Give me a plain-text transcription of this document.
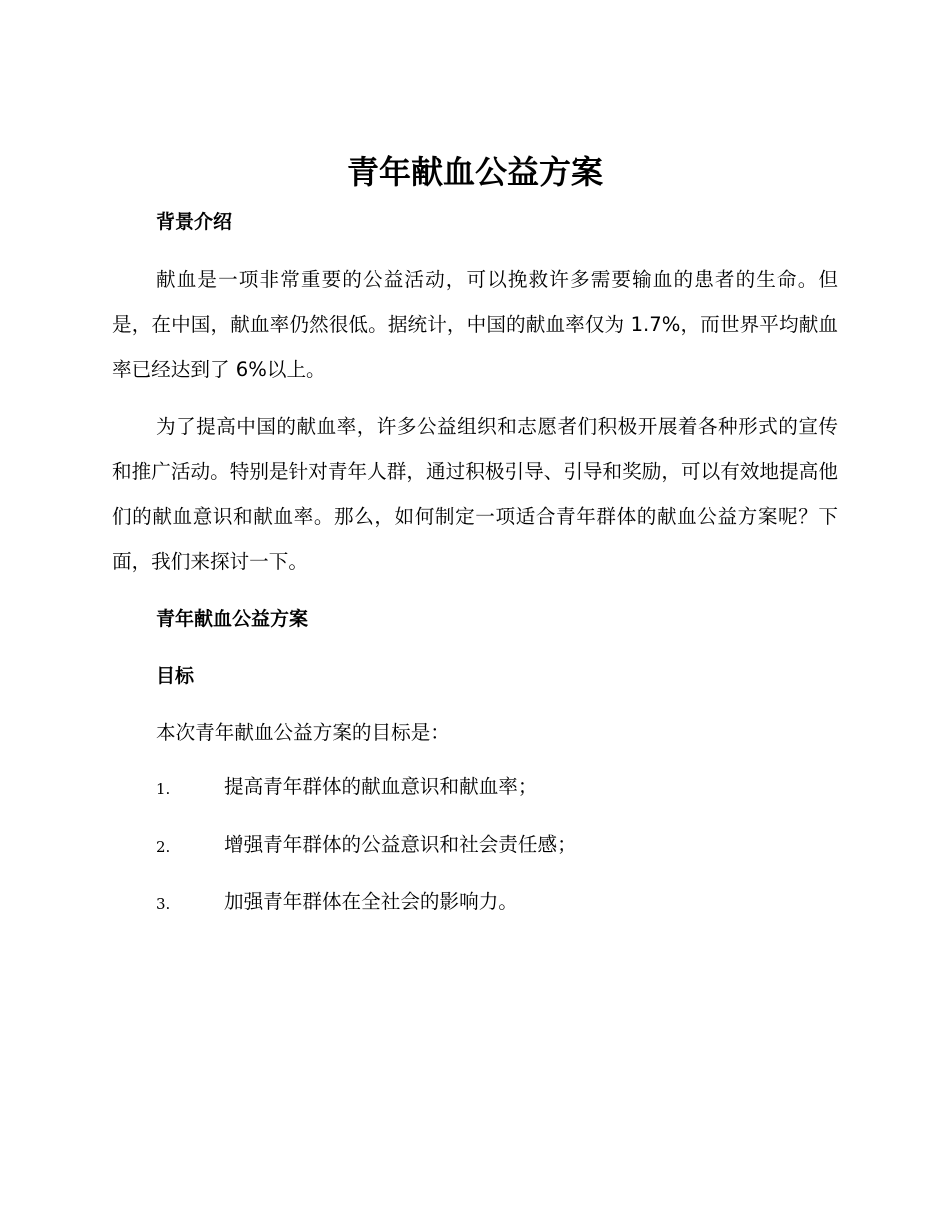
青年献血公益方案
背景介绍

献血是一项非常重要的公益活动，可以挽救许多需要输血的患者的生命。但是，在中国，献血率仍然很低。据统计，中国的献血率仅为 1.7%，而世界平均献血率已经达到了 6%以上。

为了提高中国的献血率，许多公益组织和志愿者们积极开展着各种形式的宣传和推广活动。特别是针对青年人群，通过积极引导、引导和奖励，可以有效地提高他们的献血意识和献血率。那么，如何制定一项适合青年群体的献血公益方案呢？下面，我们来探讨一下。

青年献血公益方案
目标

本次青年献血公益方案的目标是：

1.	提高青年群体的献血意识和献血率；
2.	增强青年群体的公益意识和社会责任感；
3.	加强青年群体在全社会的影响力。
